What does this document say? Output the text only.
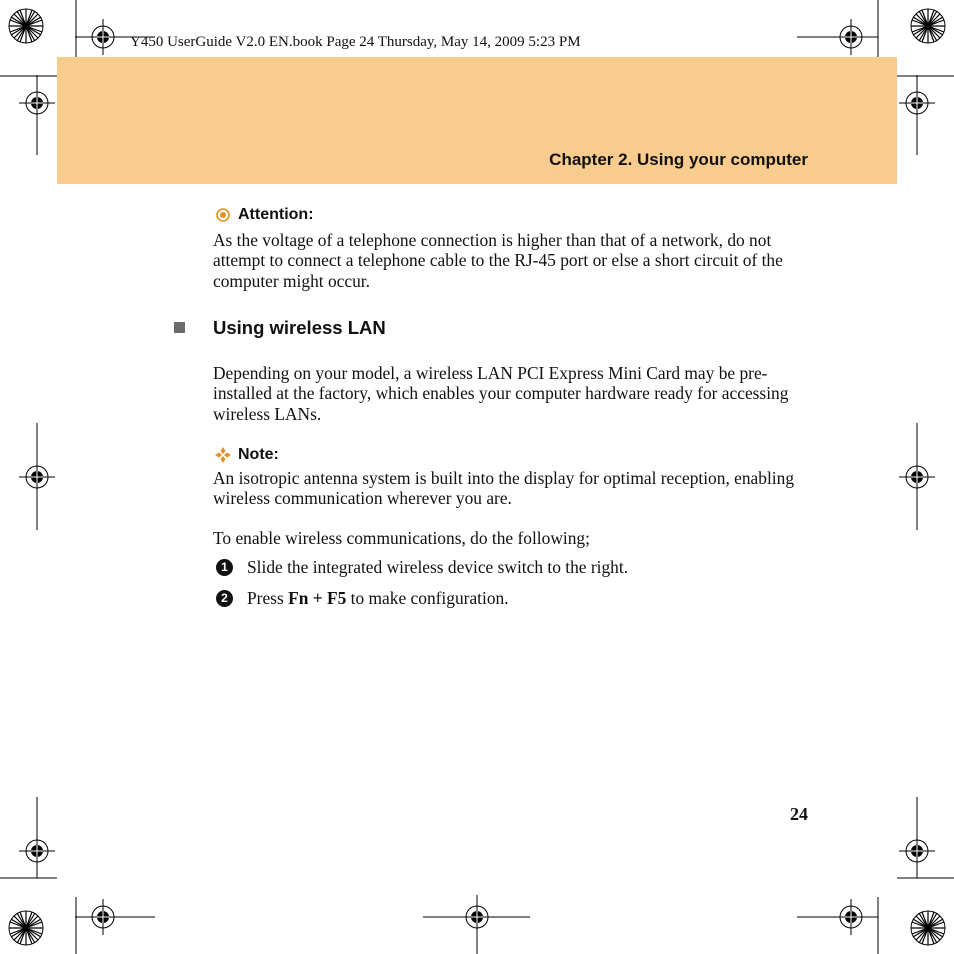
Y450 UserGuide V2.0 EN.book Page 24 Thursday, May 14, 2009 5:23 PM
Chapter 2. Using your computer
Attention:
As the voltage of a telephone connection is higher than that of a network, do not attempt to connect a telephone cable to the RJ-45 port or else a short circuit of the computer might occur.
Using wireless LAN
Depending on your model, a wireless LAN PCI Express Mini Card may be pre-installed at the factory, which enables your computer hardware ready for accessing wireless LANs.
Note:
An isotropic antenna system is built into the display for optimal reception, enabling wireless communication wherever you are.
To enable wireless communications, do the following;
1 Slide the integrated wireless device switch to the right.
2 Press Fn + F5 to make configuration.
24
